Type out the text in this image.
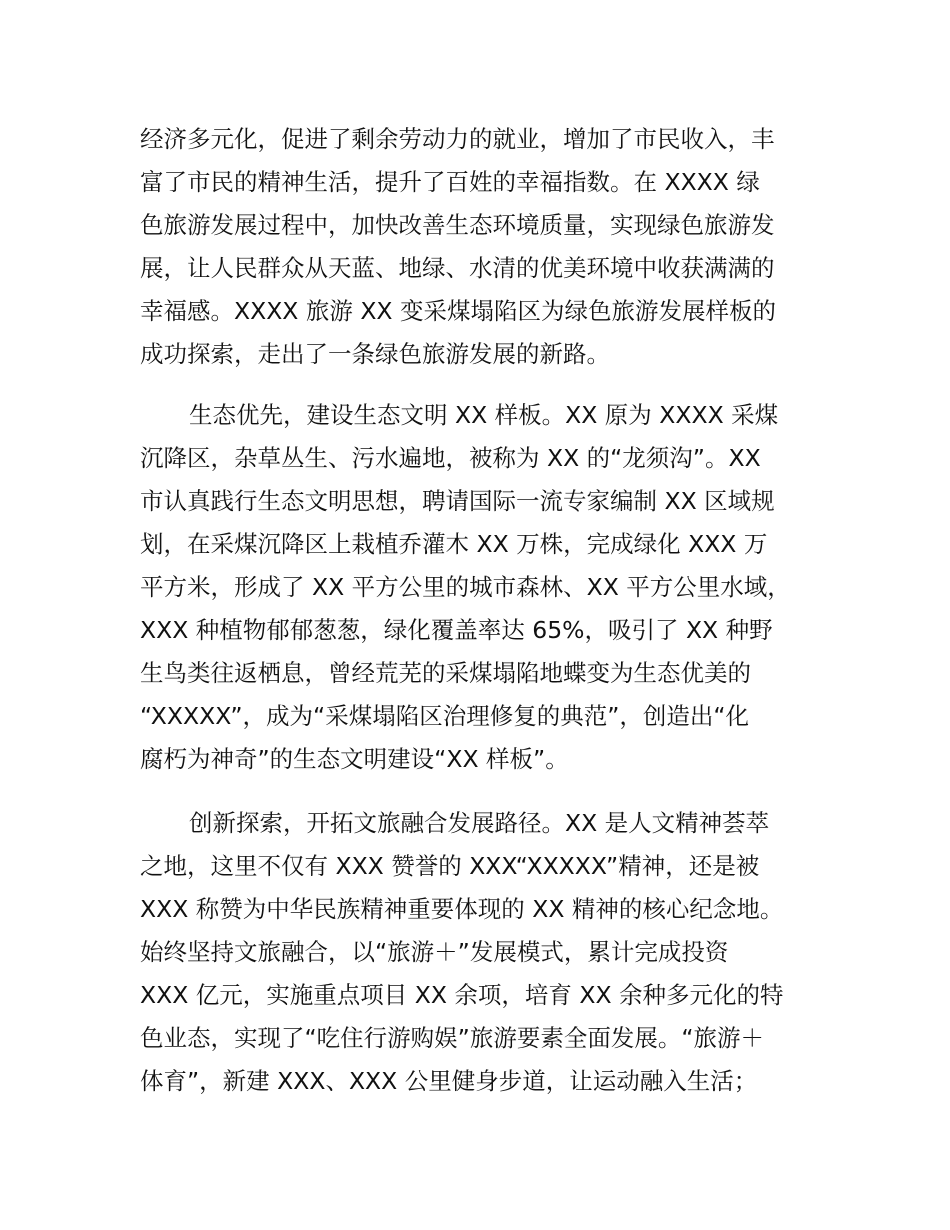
经济多元化，促进了剩余劳动力的就业，增加了市民收入，丰
富了市民的精神生活，提升了百姓的幸福指数。在 XXXX 绿
色旅游发展过程中，加快改善生态环境质量，实现绿色旅游发
展，让人民群众从天蓝、地绿、水清的优美环境中收获满满的
幸福感。XXXX 旅游 XX 变采煤塌陷区为绿色旅游发展样板的
成功探索，走出了一条绿色旅游发展的新路。
生态优先，建设生态文明 XX 样板。XX 原为 XXXX 采煤
沉降区，杂草丛生、污水遍地，被称为 XX 的“龙须沟”。XX
市认真践行生态文明思想，聘请国际一流专家编制 XX 区域规
划，在采煤沉降区上栽植乔灌木 XX 万株，完成绿化 XXX 万
平方米，形成了 XX 平方公里的城市森林、XX 平方公里水域，
XXX 种植物郁郁葱葱，绿化覆盖率达 65%，吸引了 XX 种野
生鸟类往返栖息，曾经荒芜的采煤塌陷地蝶变为生态优美的
“XXXXX”，成为“采煤塌陷区治理修复的典范”，创造出“化
腐朽为神奇”的生态文明建设“XX 样板”。
创新探索，开拓文旅融合发展路径。XX 是人文精神荟萃
之地，这里不仅有 XXX 赞誉的 XXX“XXXXX”精神，还是被
XXX 称赞为中华民族精神重要体现的 XX 精神的核心纪念地。
始终坚持文旅融合，以“旅游＋”发展模式，累计完成投资
XXX 亿元，实施重点项目 XX 余项，培育 XX 余种多元化的特
色业态，实现了“吃住行游购娱”旅游要素全面发展。“旅游＋
体育”，新建 XXX、XXX 公里健身步道，让运动融入生活；
